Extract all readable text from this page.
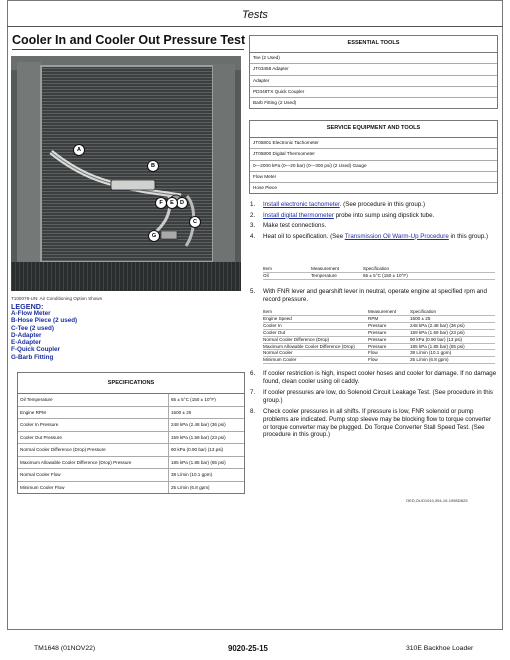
Tests
Cooler In and Cooler Out Pressure Test	ESSENTIAL TOOLS
Tee (2 Used)
JT03458 Adapter
Adapter
PD348TX Quick Coupler
Barb Fitting (2 Used)
SERVICE EQUIPMENT AND TOOLS
JT05801 Electronic Tachometer
JT05800 Digital Thermometer
0—2000 kPa (0—20 bar) (0—300 psi) (2 Used) Gauge
Flow Meter
Hose Piece
A
B
C
D
E
F
G
T100078-UN: Air Conditioning Option Shown
LEGEND:
A-Flow Meter
B-Hose Piece (2 used)
C-Tee (2 used)
D-Adapter
E-Adapter
F-Quick Coupler
G-Barb Fitting
SPECIFICATIONS
Oil Temperature	65 ± 5°C (150 ± 10°F)
Engine RPM	1500 ± 25
Cooler In Pressure	248 kPa (2.48 bar) (36 psi)
Cooler Out Pressure	159 kPa (1.59 bar) (23 psi)
Normal Cooler Difference (Drop) Pressure	90 kPa (0.90 bar) (13 psi)
Maximum Allowable Cooler Difference (Drop) Pressure	185 kPa (1.85 bar) (65 psi)
Normal Cooler Flow	38 L/min (10.1 gpm)
Minimum Cooler Flow	25 L/min (6.8 gpm)
1.	Install electronic tachometer. (See procedure in this group.)
2.	Install digital thermometer probe into sump using dipstick tube.
3.	Make test connections.
4.	Heat oil to specification. (See Transmission Oil Warm-Up Procedure in this group.)
Item	Measurement	Specification
Oil	Temperature	65 ± 5°C (150 ± 10°F)
5.	With FNR lever and gearshift lever in neutral, operate engine at specified rpm and record pressure.
Item	Measurement	Specification
Engine Speed	RPM	1500 ± 25
Cooler In	Pressure	248 kPa (2.48 bar) (36 psi)
Cooler Out	Pressure	159 kPa (1.59 bar) (23 psi)
Normal Cooler Difference (Drop)	Pressure	90 kPa (0.90 bar) (13 psi)
Maximum Allowable Cooler Difference (Drop)	Pressure	185 kPa (1.85 bar) (65 psi)
Normal Cooler	Flow	38 L/min (10.1 gpm)
Minimum Cooler	Flow	25 L/min (6.8 gpm)
6.	If cooler restriction is high, inspect cooler hoses and cooler for damage. If no damage found, clean cooler using oil caddy.
7.	If cooler pressures are low, do Solenoid Circuit Leakage Test. (See procedure in this group.)
8.	Check cooler pressures in all shifts. If pressure is low, FNR solenoid or pump problems are indicated. Pump stop sleeve may be blocking flow to torque converter or torque converter may be plugged. Do Torque Converter Stall Speed Test. (See procedure in this group.)
OED,OUO1010,394-19-1998DB25
TM1648 (01NOV22)	9020-25-15	310E Backhoe Loader
